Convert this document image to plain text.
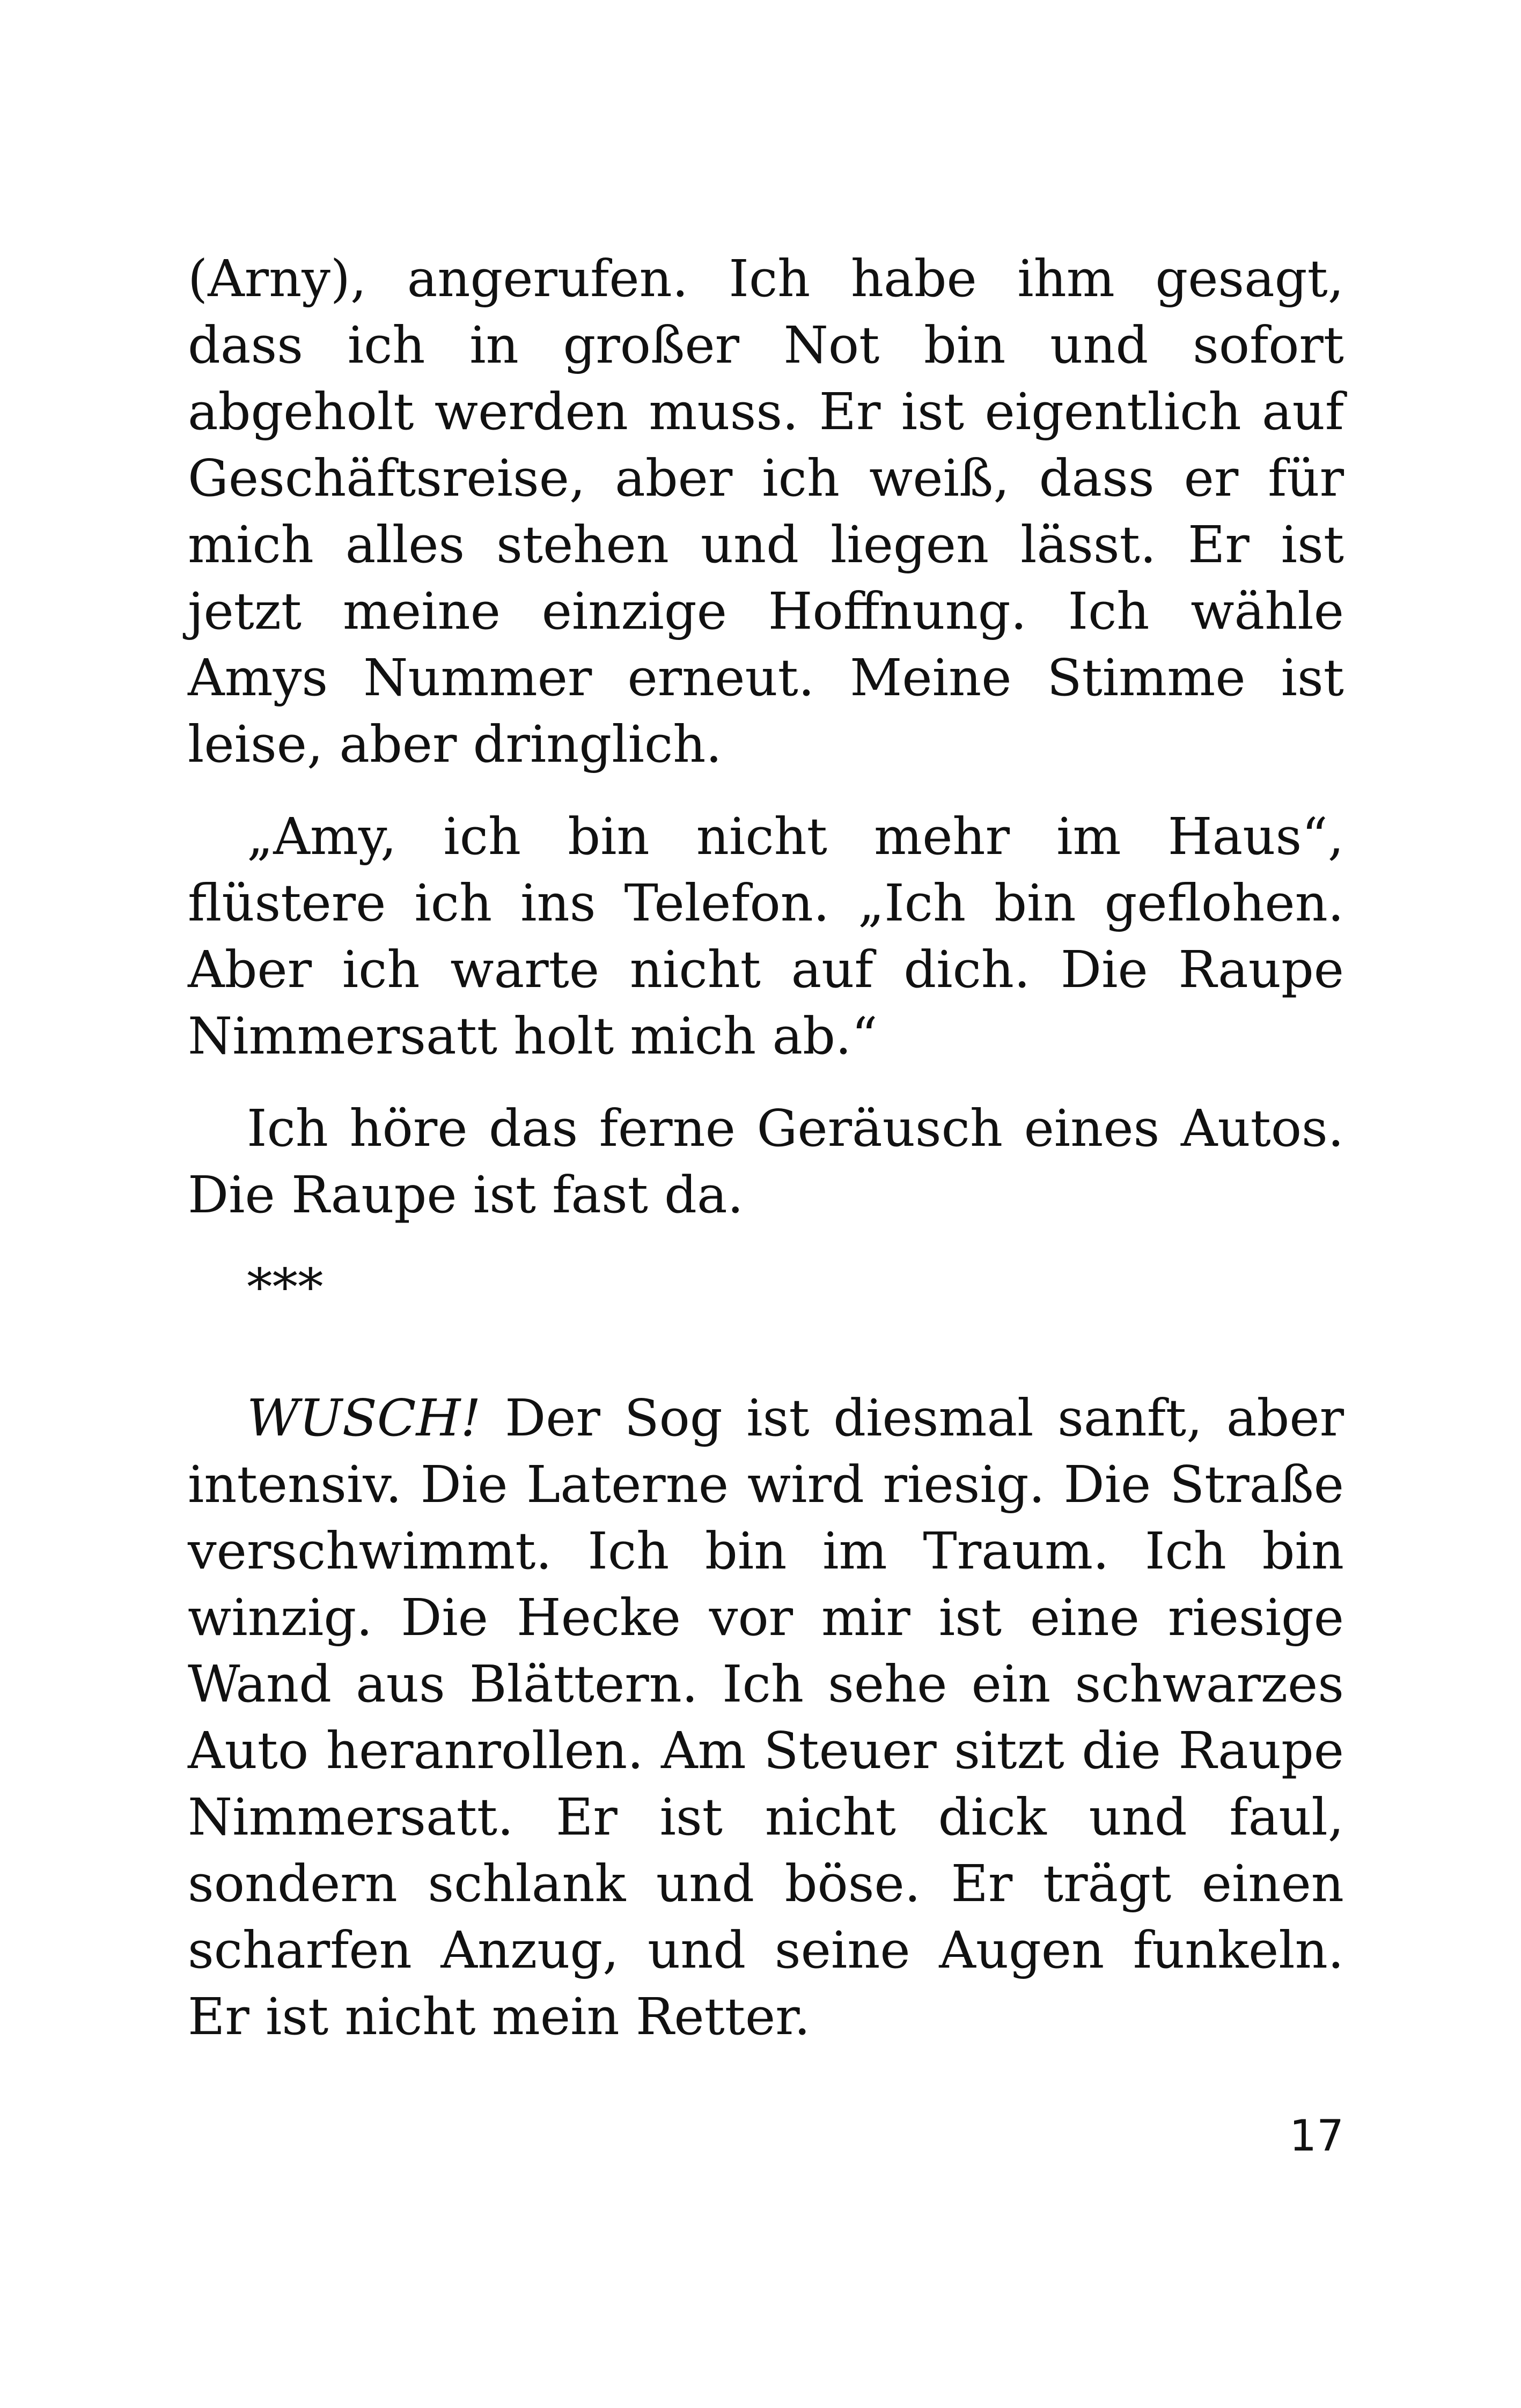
(Arny), angerufen. Ich habe ihm gesagt, dass ich in großer Not bin und sofort abgeholt werden muss. Er ist eigentlich auf Geschäftsreise, aber ich weiß, dass er für mich alles stehen und liegen lässt. Er ist jetzt meine einzige Hoffnung. Ich wähle Amys Nummer erneut. Meine Stimme ist leise, aber dringlich.

„Amy, ich bin nicht mehr im Haus“, flüstere ich ins Telefon. „Ich bin geflohen. Aber ich warte nicht auf dich. Die Raupe Nimmersatt holt mich ab.“

Ich höre das ferne Geräusch eines Autos. Die Raupe ist fast da.

***

WUSCH! Der Sog ist diesmal sanft, aber intensiv. Die Laterne wird riesig. Die Straße verschwimmt. Ich bin im Traum. Ich bin winzig. Die Hecke vor mir ist eine riesige Wand aus Blättern. Ich sehe ein schwarzes Auto heranrollen. Am Steuer sitzt die Raupe Nimmersatt. Er ist nicht dick und faul, sondern schlank und böse. Er trägt einen scharfen Anzug, und seine Augen funkeln. Er ist nicht mein Retter.

17
